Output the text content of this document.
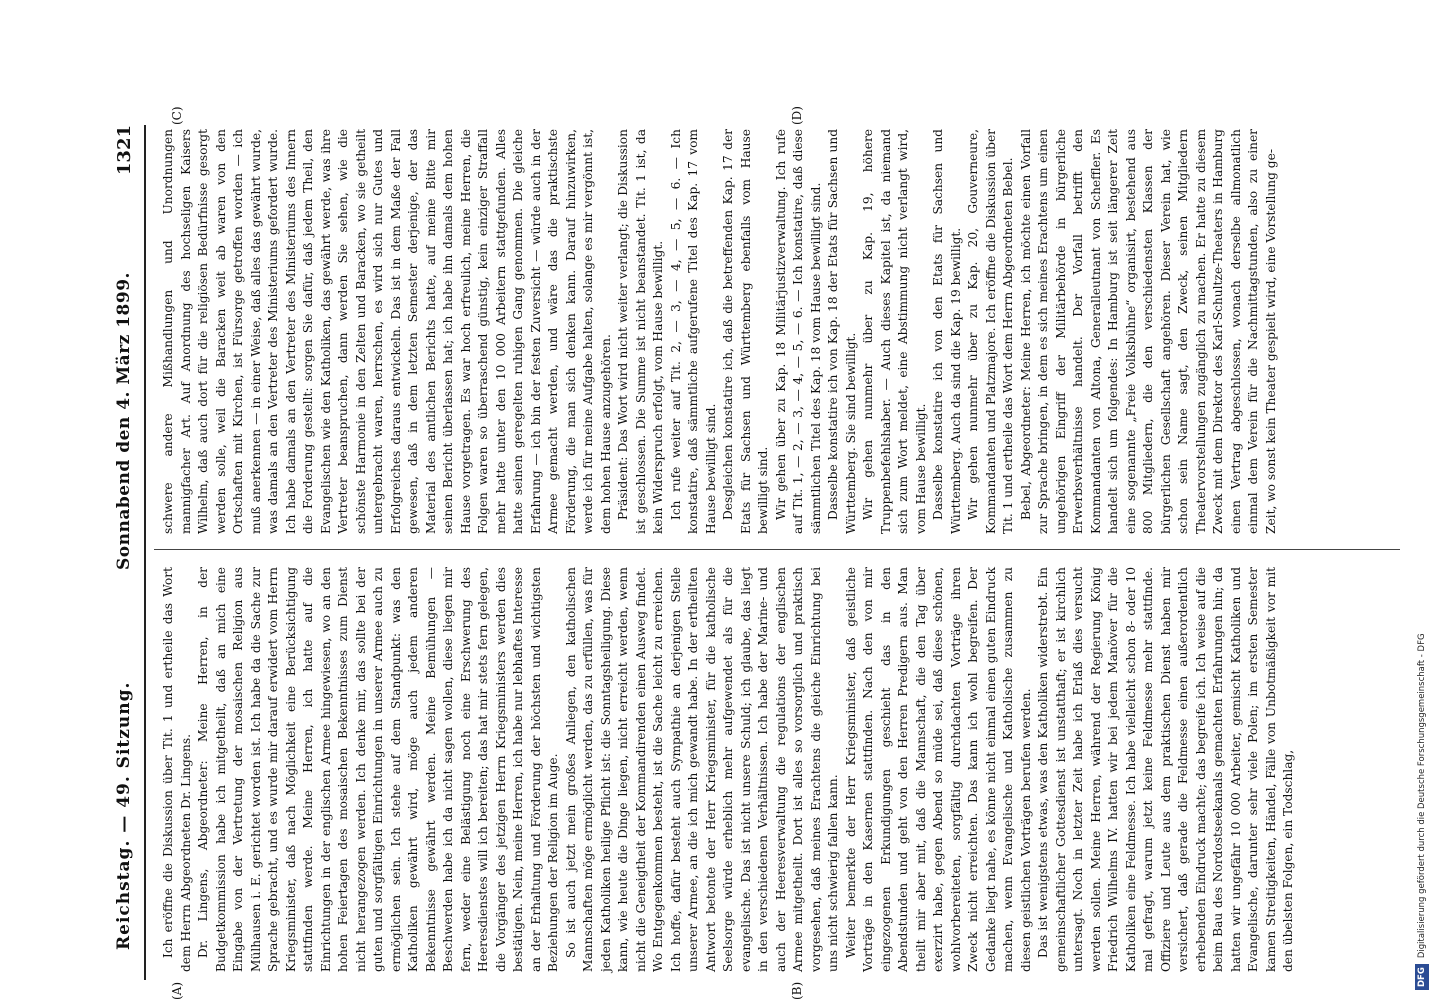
Reichstag. — 49. Sitzung.
Sonnabend den 4. März 1899.
1321
(A)	(B)
(C)	(D)

Ich eröffne die Diskussion über Tit. 1 und ertheile das Wort dem Herrn Abgeordneten Dr. Lingens. Dr. Lingens, Abgeordneter: Meine Herren, in der Budgetkommission habe ich mitgetheilt, daß an mich eine Eingabe von der Vertretung der mosaischen Religion aus Mülhausen i. E. gerichtet worden ist. Ich habe da die Sache zur Sprache gebracht, und es wurde mir darauf erwidert vom Herrn Kriegsminister, daß nach Möglichkeit eine Berücksichtigung stattfinden werde. Meine Herren, ich hatte auf die Einrichtungen in der englischen Armee hingewiesen, wo an den hohen Feiertagen des mosaischen Bekenntnisses zum Dienst nicht herangezogen werden. Ich denke mir, das sollte bei der guten und sorgfältigen Einrichtungen in unserer Armee auch zu ermöglichen sein. Ich stehe auf dem Standpunkt: was den Katholiken gewährt wird, möge auch jedem anderen Bekenntnisse gewährt werden. Meine Bemühungen — Beschwerden habe ich da nicht sagen wollen, diese liegen mir fern, weder eine Belästigung noch eine Erschwerung des Heeresdienstes will ich bereiten; das hat mir stets fern gelegen, die Vorgänger des jetzigen Herrn Kriegsministers werden dies bestätigen. Nein, meine Herren, ich habe nur lebhaftes Interesse an der Erhaltung und Förderung der höchsten und wichtigsten Beziehungen der Religion im Auge. So ist auch jetzt mein großes Anliegen, den katholischen Mannschaften möge ermöglicht werden, das zu erfüllen, was für jeden Katholiken heilige Pflicht ist: die Sonntagsheiligung. Diese kann, wie heute die Dinge liegen, nicht erreicht werden, wenn nicht die Geneigtheit der Kommandirenden einen Ausweg findet. Wo Entgegenkommen besteht, ist die Sache leicht zu erreichen. Ich hoffe, dafür besteht auch Sympathie an derjenigen Stelle unserer Armee, an die ich mich gewandt habe. In der ertheilten Antwort betonte der Herr Kriegsminister, für die katholische Seelsorge würde erheblich mehr aufgewendet als für die evangelische. Das ist nicht unsere Schuld; ich glaube, das liegt in den verschiedenen Verhältnissen. Ich habe der Marine- und auch der Heeresverwaltung die regulations der englischen Armee mitgetheilt. Dort ist alles so vorsorglich und praktisch vorgesehen, daß meines Erachtens die gleiche Einrichtung bei uns nicht schwierig fallen kann. Weiter bemerkte der Herr Kriegsminister, daß geistliche Vorträge in den Kasernen stattfinden. Nach den von mir eingezogenen Erkundigungen geschieht das in den Abendstunden und geht von den Herren Predigern aus. Man theilt mir aber mit, daß die Mannschaft, die den Tag über exerzirt habe, gegen Abend so müde sei, daß diese schönen, wohlvorbereiteten, sorgfältig durchdachten Vorträge ihren Zweck nicht erreichten. Das kann ich wohl begreifen. Der Gedanke liegt nahe, es könne nicht einmal einen guten Eindruck machen, wenn Evangelische und Katholische zusammen zu diesen geistlichen Vorträgen berufen werden. Das ist wenigstens etwas, was den Katholiken widerstrebt. Ein gemeinschaftlicher Gottesdienst ist unstatthaft; er ist kirchlich untersagt. Noch in letzter Zeit habe ich Erlaß dies versucht werden sollen. Meine Herren, während der Regierung König Friedrich Wilhelms IV. hatten wir bei jedem Manöver für die Katholiken eine Feldmesse. Ich habe vielleicht schon 8- oder 10 mal gefragt, warum jetzt keine Feldmesse mehr stattfinde. Offiziere und Leute aus dem praktischen Dienst haben mir versichert, daß gerade die Feldmesse einen außerordentlich erhebenden Eindruck machte; das begreife ich. Ich weise auf die beim Bau des Nordostseekanals gemachten Erfahrungen hin; da hatten wir ungefähr 10 000 Arbeiter, gemischt Katholiken und Evangelische, darunter sehr viele Polen; im ersten Semester kamen Streitigkeiten, Händel, Fälle von Unbotmäßigkeit vor mit den übelsten Folgen, ein Todschlag,

schwere andere Mißhandlungen und Unordnungen mannigfacher Art. Auf Anordnung des hochseligen Kaisers Wilhelm, daß auch dort für die religiösen Bedürfnisse gesorgt werden solle, weil die Baracken weit ab waren von den Ortschaften mit Kirchen, ist Fürsorge getroffen worden — ich muß anerkennen — in einer Weise, daß alles das gewährt wurde, was damals an den Vertreter des Ministeriums gefordert wurde. Ich habe damals an den Vertreter des Ministeriums des Innern die Forderung gestellt: sorgen Sie dafür, daß jedem Theil, den Evangelischen wie den Katholiken, das gewährt werde, was ihre Vertreter beanspruchen, dann werden Sie sehen, wie die schönste Harmonie in den Zelten und Baracken, wo sie getheilt untergebracht waren, herrschen, es wird sich nur Gutes und Erfolgreiches daraus entwickeln. Das ist in dem Maße der Fall gewesen, daß in dem letzten Semester derjenige, der das Material des amtlichen Berichts hatte, auf meine Bitte mir seinen Bericht überlassen hat; ich habe ihn damals dem hohen Hause vorgetragen. Es war hoch erfreulich, meine Herren, die Folgen waren so überraschend günstig, kein einziger Straffall mehr hatte unter den 10 000 Arbeitern stattgefunden. Alles hatte seinen geregelten ruhigen Gang genommen. Die gleiche Erfahrung — ich bin der festen Zuversicht — würde auch in der Armee gemacht werden, und wäre das die praktischste Förderung, die man sich denken kann. Darauf hinzuwirken, werde ich für meine Aufgabe halten, solange es mir vergönnt ist, dem hohen Hause anzugehören. Präsident: Das Wort wird nicht weiter verlangt; die Diskussion ist geschlossen. Die Summe ist nicht beanstandet. Tit. 1 ist, da kein Widerspruch erfolgt, vom Hause bewilligt. Ich rufe weiter auf Tit. 2, — 3, — 4, — 5, — 6. — Ich konstatire, daß sämmtliche aufgerufene Titel des Kap. 17 vom Hause bewilligt sind. Desgleichen konstatire ich, daß die betreffenden Kap. 17 der Etats für Sachsen und Württemberg ebenfalls vom Hause bewilligt sind. Wir gehen über zu Kap. 18 Militärjustizverwaltung. Ich rufe auf Tit. 1, — 2, — 3, — 4, — 5, — 6. — Ich konstatire, daß diese sämmtlichen Titel des Kap. 18 vom Hause bewilligt sind. Dasselbe konstatire ich von Kap. 18 der Etats für Sachsen und Württemberg. Sie sind bewilligt. Wir gehen nunmehr über zu Kap. 19, höhere Truppenbefehlshaber. — Auch dieses Kapitel ist, da niemand sich zum Wort meldet, eine Abstimmung nicht verlangt wird, vom Hause bewilligt. Dasselbe konstatire ich von den Etats für Sachsen und Württemberg. Auch da sind die Kap. 19 bewilligt. Wir gehen nunmehr über zu Kap. 20, Gouverneure, Kommandanten und Platzmajore. Ich eröffne die Diskussion über Tit. 1 und ertheile das Wort dem Herrn Abgeordneten Bebel. Bebel, Abgeordneter: Meine Herren, ich möchte einen Vorfall zur Sprache bringen, in dem es sich meines Erachtens um einen ungehörigen Eingriff der Militärbehörde in bürgerliche Erwerbsverhältnisse handelt. Der Vorfall betrifft den Kommandanten von Altona, Generalleutnant von Scheffler. Es handelt sich um folgendes: In Hamburg ist seit längerer Zeit eine sogenannte „Freie Volksbühne“ organisirt, bestehend aus 800 Mitgliedern, die den verschiedensten Klassen der bürgerlichen Gesellschaft angehören. Dieser Verein hat, wie schon sein Name sagt, den Zweck, seinen Mitgliedern Theatervorstellungen zugänglich zu machen. Er hatte zu diesem Zweck mit dem Direktor des Karl-Schultze-Theaters in Hamburg einen Vertrag abgeschlossen, wonach derselbe allmonatlich einmal dem Verein für die Nachmittagstunden, also zu einer Zeit, wo sonst kein Theater gespielt wird, eine Vorstellung ge-

DFGDigitalisierung gefördert durch die Deutsche Forschungsgemeinschaft - DFG
